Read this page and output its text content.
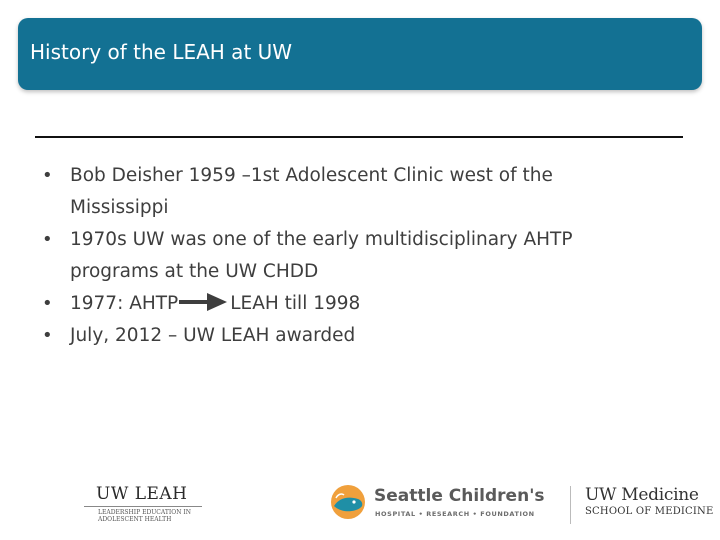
History of the LEAH at UW
• Bob Deisher 1959 –1st Adolescent Clinic west of the Mississippi
• 1970s UW was one of the early multidisciplinary AHTP programs at the UW CHDD
• 1977: AHTP	LEAH till 1998
• July, 2012 – UW LEAH awarded
UW LEAH
LEADERSHIP EDUCATION IN ADOLESCENT HEALTH
Seattle Children's
HOSPITAL • RESEARCH • FOUNDATION
UW Medicine
SCHOOL OF MEDICINE
